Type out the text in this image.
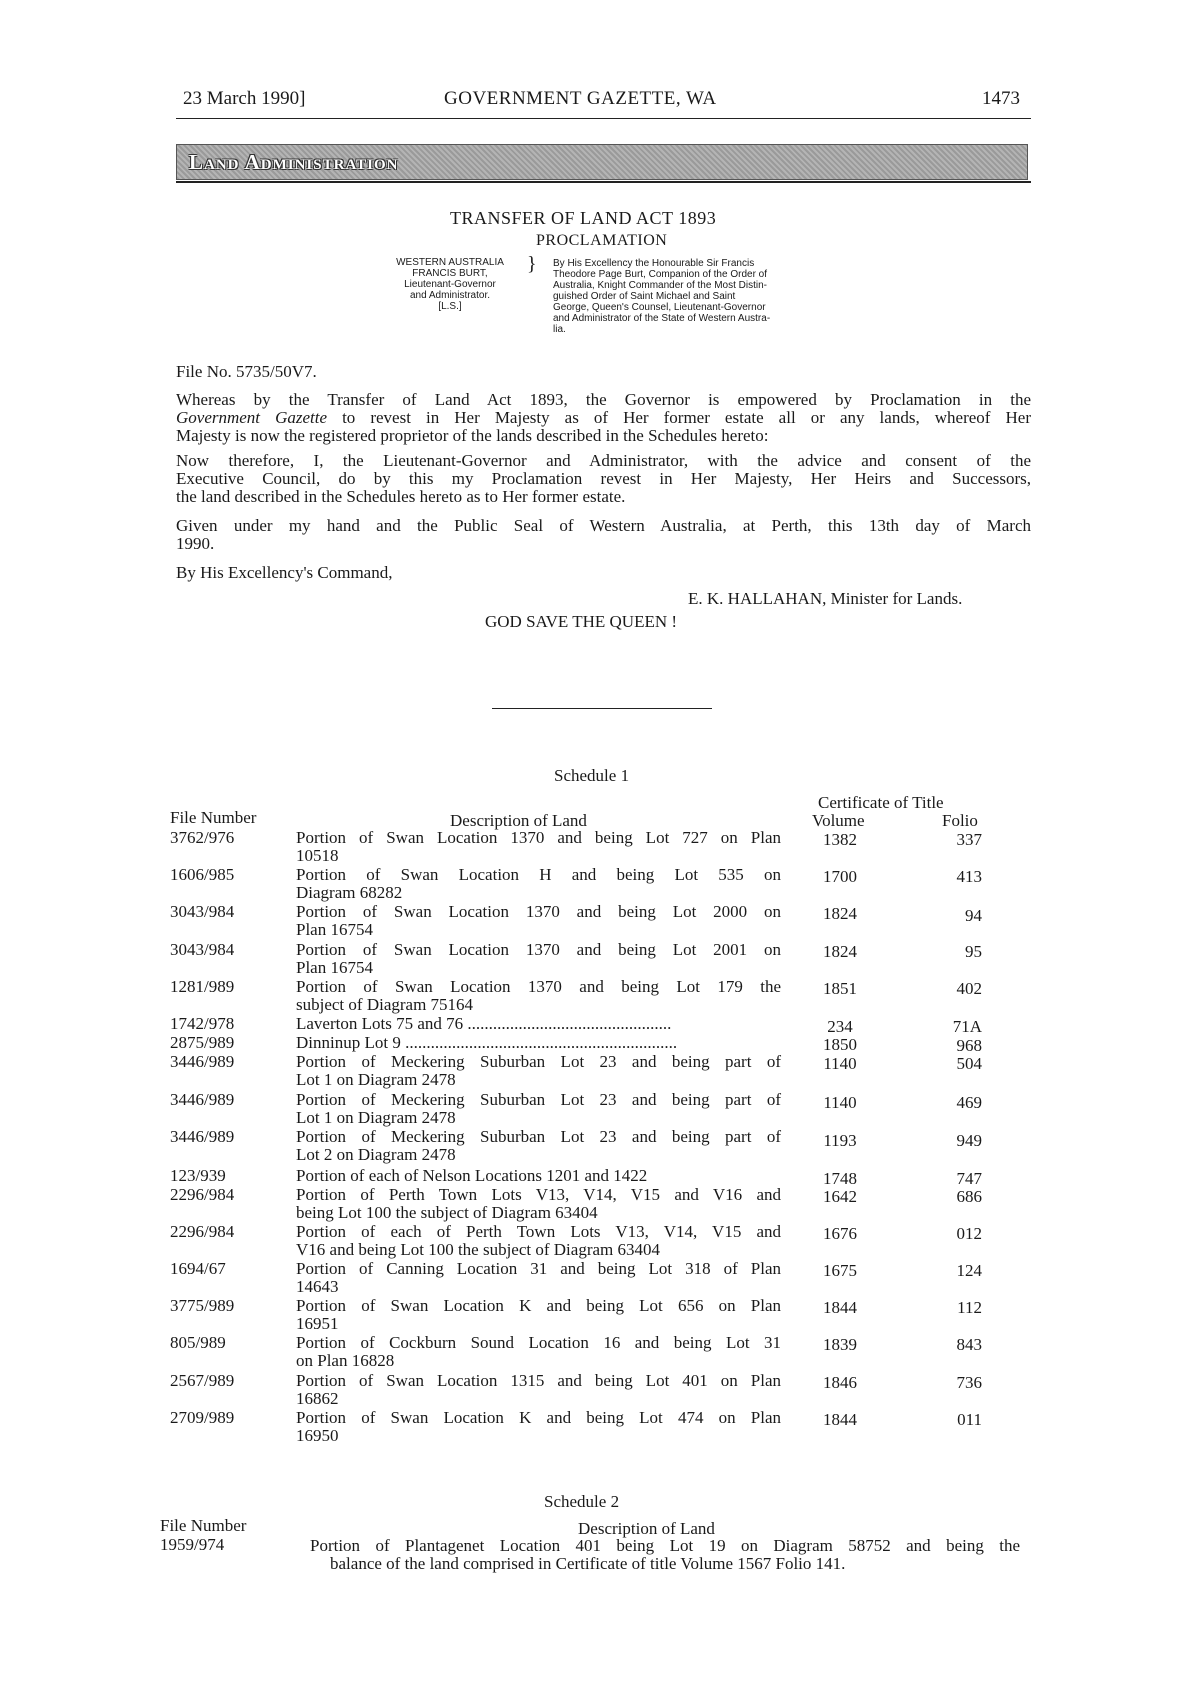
23 March 1990]	GOVERNMENT GAZETTE, WA	1473
Land Administration
TRANSFER OF LAND ACT 1893
PROCLAMATION
WESTERN AUSTRALIA
FRANCIS BURT,
Lieutenant-Governor
and Administrator.
[L.S.]
} By His Excellency the Honourable Sir Francis
Theodore Page Burt, Companion of the Order of
Australia, Knight Commander of the Most Distin-
guished Order of Saint Michael and Saint
George, Queen's Counsel, Lieutenant-Governor
and Administrator of the State of Western Austra-
lia.
File No. 5735/50V7.
Whereas by the Transfer of Land Act 1893, the Governor is empowered by Proclamation in the
Government Gazette to revest in Her Majesty as of Her former estate all or any lands, whereof Her
Majesty is now the registered proprietor of the lands described in the Schedules hereto:
Now therefore, I, the Lieutenant-Governor and Administrator, with the advice and consent of the
Executive Council, do by this my Proclamation revest in Her Majesty, Her Heirs and Successors,
the land described in the Schedules hereto as to Her former estate.
Given under my hand and the Public Seal of Western Australia, at Perth, this 13th day of March
1990.
By His Excellency's Command,
E. K. HALLAHAN, Minister for Lands.
GOD SAVE THE QUEEN !
Schedule 1
Certificate of Title
File Number	Description of Land	Volume	Folio
3762/976	Portion of Swan Location 1370 and being Lot 727 on Plan
10518
1382	337
1606/985	Portion of Swan Location H and being Lot 535 on
Diagram 68282
1700	413
3043/984	Portion of Swan Location 1370 and being Lot 2000 on
Plan 16754
1824	94
3043/984	Portion of Swan Location 1370 and being Lot 2001 on
Plan 16754
1824	95
1281/989	Portion of Swan Location 1370 and being Lot 179 the
subject of Diagram 75164
1851	402
1742/978	Laverton Lots 75 and 76 ................................................	234	71A
2875/989	Dinninup Lot 9 ................................................................	1850	968
3446/989	Portion of Meckering Suburban Lot 23 and being part of
Lot 1 on Diagram 2478
1140	504
3446/989	Portion of Meckering Suburban Lot 23 and being part of
Lot 1 on Diagram 2478
1140	469
3446/989	Portion of Meckering Suburban Lot 23 and being part of
Lot 2 on Diagram 2478
1193	949
123/939	Portion of each of Nelson Locations 1201 and 1422	1748	747
2296/984	Portion of Perth Town Lots V13, V14, V15 and V16 and
being Lot 100 the subject of Diagram 63404
1642	686
2296/984	Portion of each of Perth Town Lots V13, V14, V15 and
V16 and being Lot 100 the subject of Diagram 63404
1676	012
1694/67	Portion of Canning Location 31 and being Lot 318 of Plan
14643
1675	124
3775/989	Portion of Swan Location K and being Lot 656 on Plan
16951
1844	112
805/989	Portion of Cockburn Sound Location 16 and being Lot 31
on Plan 16828
1839	843
2567/989	Portion of Swan Location 1315 and being Lot 401 on Plan
16862
1846	736
2709/989	Portion of Swan Location K and being Lot 474 on Plan
16950
1844	011
Schedule 2
File Number	Description of Land
1959/974	Portion of Plantagenet Location 401 being Lot 19 on Diagram 58752 and being the
balance of the land comprised in Certificate of title Volume 1567 Folio 141.
